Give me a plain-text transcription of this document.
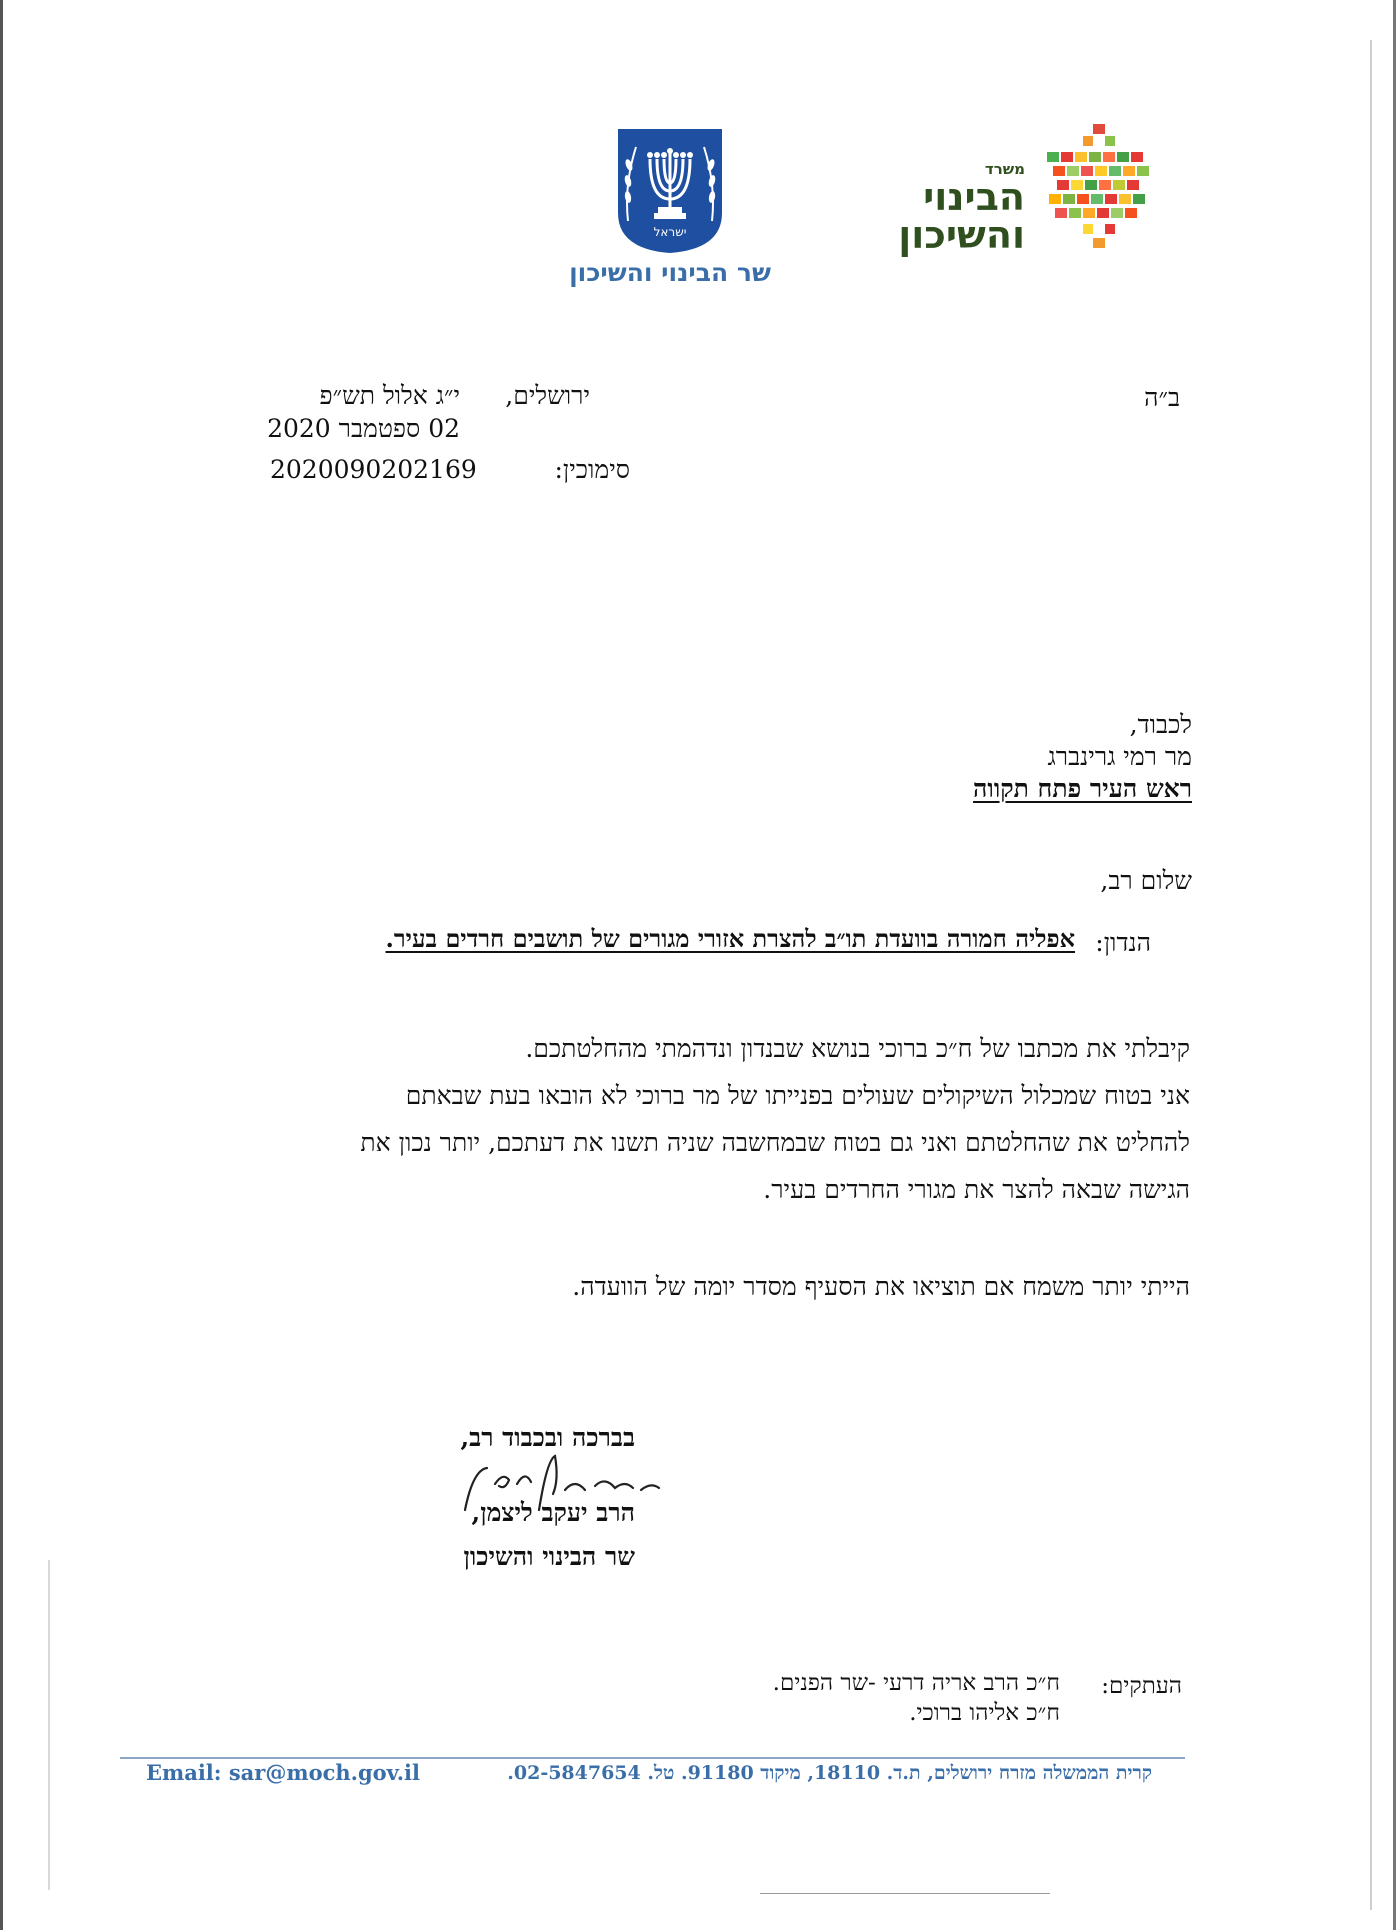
ישראל
שר הבינוי והשיכון
משרד
הבינוי
והשיכון
ב״ה
ירושלים,
י״ג אלול תש״פ
02 ספטמבר 2020
סימוכין:
2020090202169
לכבוד,
מר רמי גרינברג
ראש העיר פתח תקווה
שלום רב,
הנדון:
אפליה חמורה בוועדת תו״ב להצרת אזורי מגורים של תושבים חרדים בעיר.
קיבלתי את מכתבו של ח״כ ברוכי בנושא שבנדון ונדהמתי מהחלטתכם.
אני בטוח שמכלול השיקולים שעולים בפנייתו של מר ברוכי לא הובאו בעת שבאתם
להחליט את שהחלטתם ואני גם בטוח שבמחשבה שניה תשנו את דעתכם, יותר נכון את
הגישה שבאה להצר את מגורי החרדים בעיר.
הייתי יותר משמח אם תוציאו את הסעיף מסדר יומה של הוועדה.
בברכה ובכבוד רב,
הרב יעקב ליצמן,
שר הבינוי והשיכון
העתקים:
ח״כ הרב אריה דרעי -שר הפנים.
ח״כ אליהו ברוכי.
קרית הממשלה מזרח ירושלים, ת.ד. 18110, מיקוד 91180. טל. 02-5847654.
Email: sar@moch.gov.il
